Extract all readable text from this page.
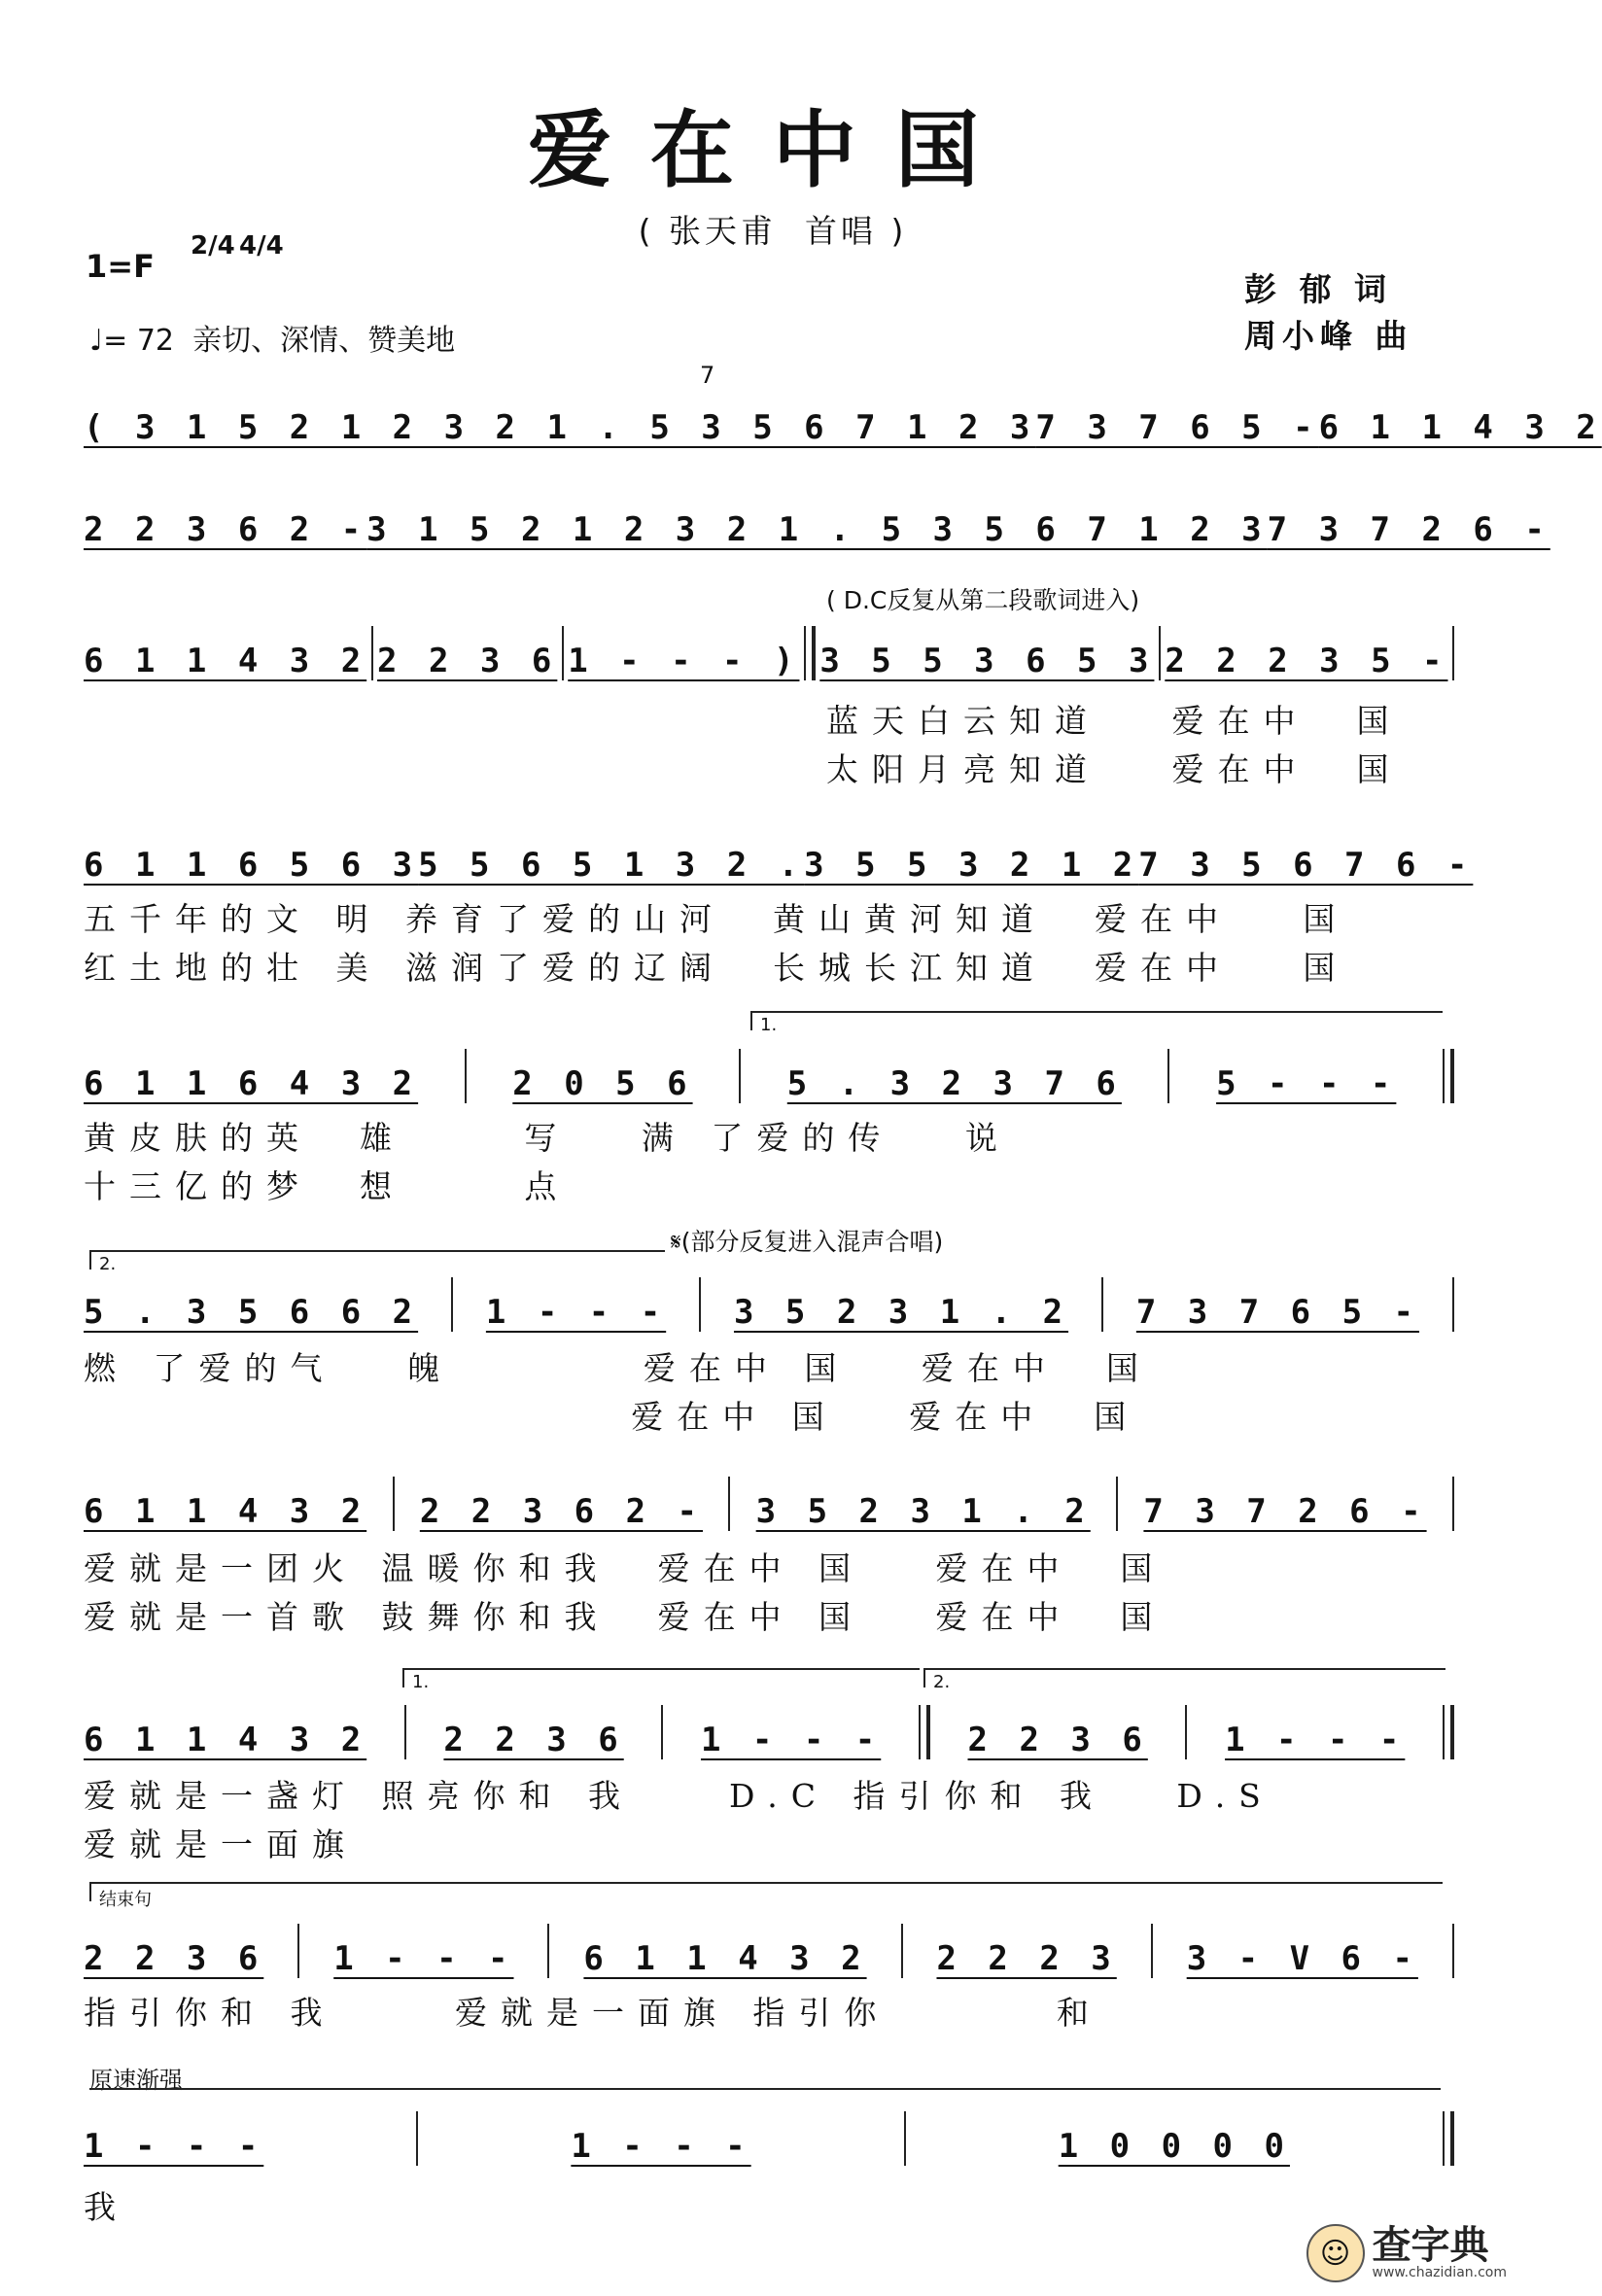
爱在中国
( 张天甫  首唱 )
1=F
2/4 4/4
♩= 72  亲切、深情、赞美地
彭 郁 词
周小峰 曲
7
( 3 1 5 2 1 2 3 2 1 . 5 3 5 6 7 1 2 3 7 3 7 6 5 - 6 1 1 4 3 2
2 2 3 6 2 - 3 1 5 2 1 2 3 2 1 . 5 3 5 6 7 1 2 3 7 3 7 2 6 -
( D.C反复从第二段歌词进入)
6 1 1 4 3 2 2 2 3 6 1 - - - ) 3 5 5 3 6 5 3 2 2 2 3 5 -
蓝天白云知道   爱在中  国
太阳月亮知道   爱在中  国
6 1 1 6 5 6 3 5 5 6 5 1 3 2 . 3 5 5 3 2 1 2 7 3 5 6 7 6 -
五千年的文 明 养育了爱的山河  黄山黄河知道  爱在中   国
红土地的壮 美 滋润了爱的辽阔  长城长江知道  爱在中   国
1.
6 1 1 6 4 3 2	2 0 5 6	5 . 3 2 3 7 6	5 - - -
黄皮肤的英  雄     写   满 了爱的传   说
十三亿的梦  想     点
2.
𝄋(部分反复进入混声合唱)
5 . 3 5 6 6 2 1 - - - 3 5 2 3 1 . 2 7 3 7 6 5 -
燃 了爱的气   魄        爱在中 国   爱在中  国
爱在中 国   爱在中  国
6 1 1 4 3 2 2 2 3 6 2 - 3 5 2 3 1 . 2 7 3 7 2 6 -
爱就是一团火 温暖你和我  爱在中 国   爱在中  国
爱就是一首歌 鼓舞你和我  爱在中 国   爱在中  国
1.	2.
6 1 1 4 3 2 2 2 3 6 1 - - -	2 2 3 6 1 - - -
爱就是一盏灯 照亮你和 我    D.C 指引你和 我   D.S
爱就是一面旗
结束句
2 2 3 6 1 - - - 6 1 1 4 3 2 2 2 2 3 3 - V 6 -
指引你和 我     爱就是一面旗 指引你       和
原速渐强
1 - - -	1 - - -	1 0 0 0 0
我
☺ 查字典
www.chazidian.com
